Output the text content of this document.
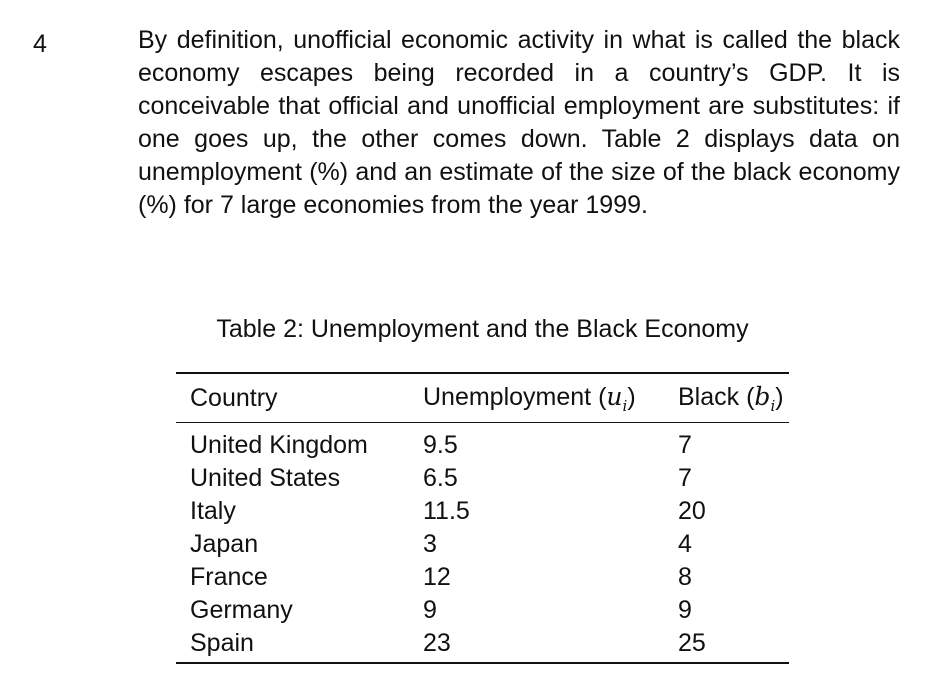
4	By definition, unofficial economic activity in what is called the black economy escapes being recorded in a country’s GDP. It is conceivable that official and unofficial employment are substitutes: if one goes up, the other comes down. Table 2 displays data on unemployment (%) and an estimate of the size of the black economy (%) for 7 large economies from the year 1999.

Table 2: Unemployment and the Black Economy
Country	Unemployment $(u_i)$	Black $(b_i)$
United Kingdom	9.5	7
United States	6.5	7
Italy	11.5	20
Japan	3	4
France	12	8
Germany	9	9
Spain	23	25
